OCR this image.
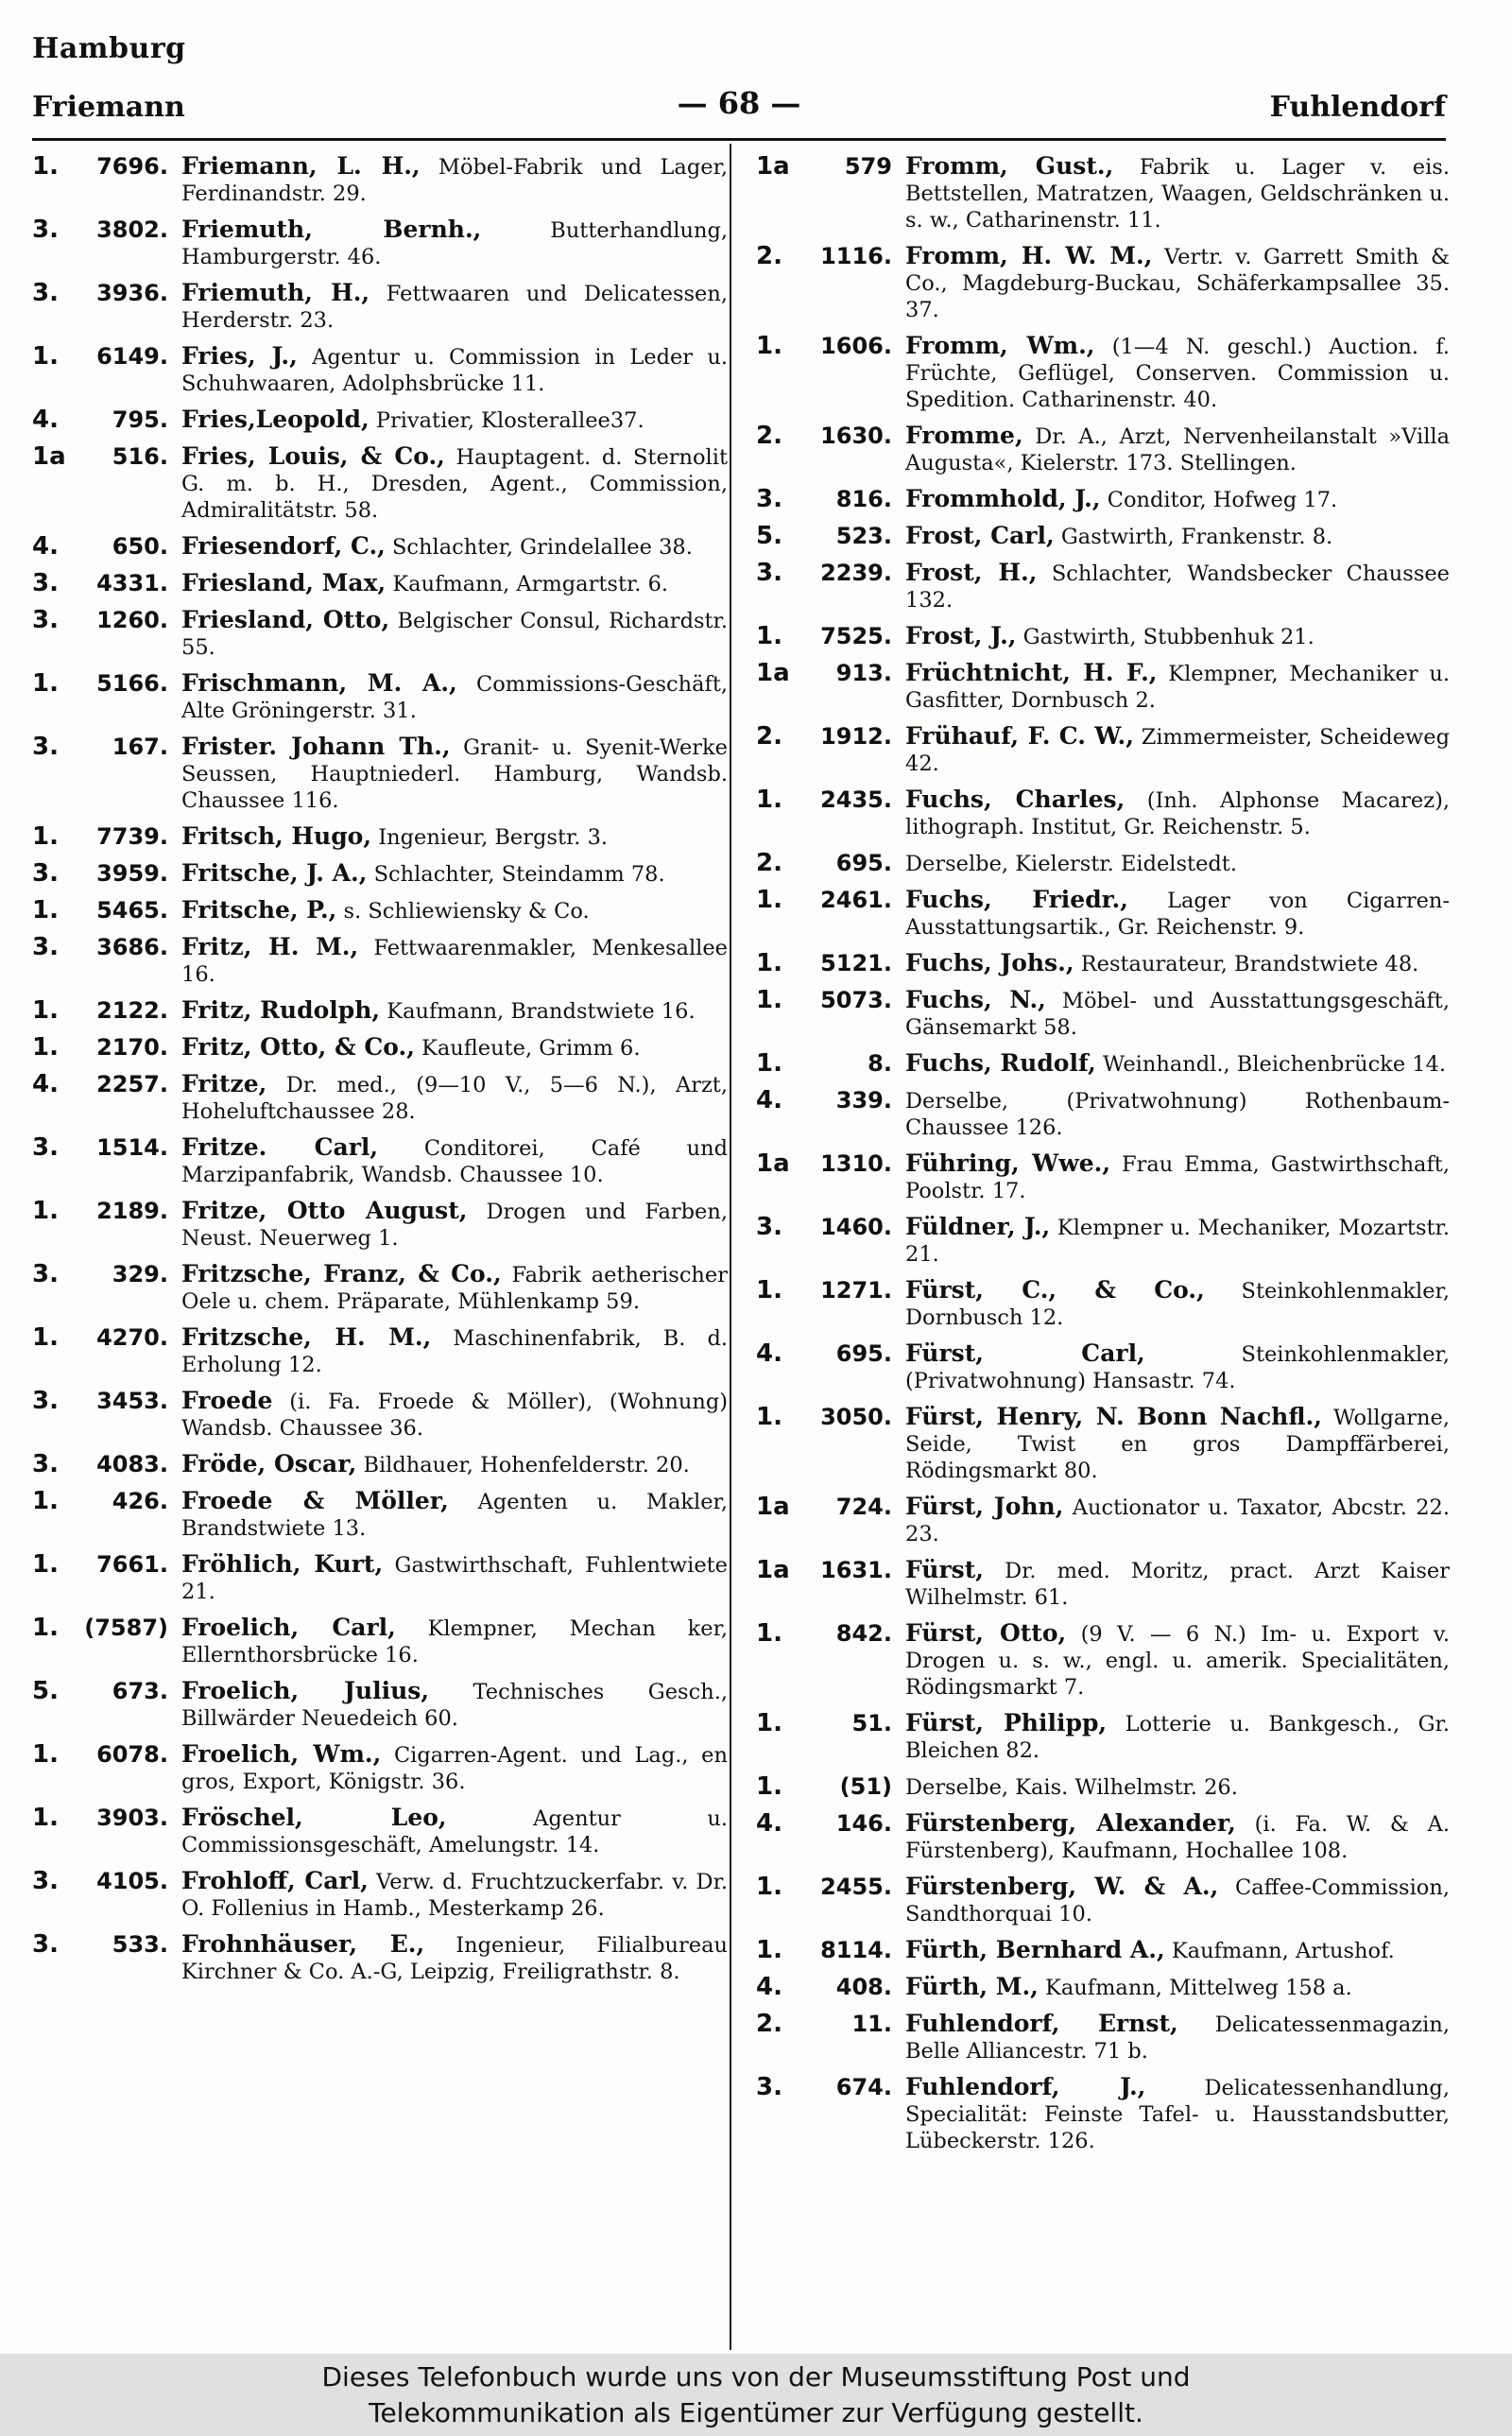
Hamburg
Friemann	— 68 —	Fuhlendorf
1.	7696. Friemann, L. H., Möbel-Fabrik und Lager, Ferdinandstr. 29.
3.	3802. Friemuth, Bernh.,	Butterhandlung, Hamburgerstr. 46.
3.	3936. Friemuth, H., Fettwaaren und Delicatessen, Herderstr. 23.
1.	6149. Fries, J., Agentur u. Commission in Leder u. Schuhwaaren, Adolphsbrücke 11.
4.	795. Fries,Leopold, Privatier, Klosterallee37.
1a	516. Fries, Louis, & Co., Hauptagent. d. Sternolit G. m. b. H., Dresden, Agent., Commission, Admiralitätstr. 58.
4.	650. Friesendorf, C., Schlachter, Grindelallee 38.
3.	4331. Friesland, Max, Kaufmann, Armgartstr. 6.
3.	1260. Friesland, Otto, Belgischer Consul, Richardstr. 55.
1.	5166. Frischmann, M. A., Commissions-Geschäft, Alte Gröningerstr. 31.
3.	167. Frister. Johann Th., Granit- u. Syenit-Werke Seussen, Hauptniederl. Hamburg, Wandsb. Chaussee 116.
1.	7739. Fritsch, Hugo, Ingenieur, Bergstr. 3.
3.	3959. Fritsche, J. A., Schlachter, Steindamm 78.
1.	5465. Fritsche, P., s. Schliewiensky & Co.
3.	3686. Fritz, H. M., Fettwaarenmakler, Menkesallee 16.
1.	2122. Fritz, Rudolph, Kaufmann, Brandstwiete 16.
1.	2170. Fritz, Otto, & Co., Kaufleute, Grimm 6.
4.	2257. Fritze, Dr. med., (9—10 V., 5—6 N.), Arzt, Hoheluftchaussee 28.
3.	1514. Fritze. Carl, Conditorei, Café und Marzipanfabrik, Wandsb. Chaussee 10.
1.	2189. Fritze, Otto August, Drogen und Farben, Neust. Neuerweg 1.
3.	329. Fritzsche, Franz, & Co., Fabrik aetherischer Oele u. chem. Präparate, Mühlenkamp 59.
1.	4270. Fritzsche, H. M., Maschinenfabrik, B. d. Erholung 12.
3.	3453. Froede (i. Fa. Froede & Möller), (Wohnung) Wandsb. Chaussee 36.
3.	4083. Fröde, Oscar, Bildhauer, Hohenfelderstr. 20.
1.	426. Froede & Möller, Agenten u. Makler, Brandstwiete 13.
1.	7661. Fröhlich, Kurt, Gastwirthschaft, Fuhlentwiete 21.
1.	(7587) Froelich, Carl, Klempner, Mechan ker, Ellernthorsbrücke 16.
5.	673. Froelich, Julius, Technisches Gesch., Billwärder Neuedeich 60.
1.	6078. Froelich, Wm., Cigarren-Agent. und Lag., en gros, Export, Königstr. 36.
1.	3903. Fröschel, Leo,	Agentur u. Commissionsgeschäft, Amelungstr. 14.
3.	4105. Frohloff, Carl, Verw. d. Fruchtzuckerfabr. v. Dr. O. Follenius in Hamb., Mesterkamp 26.
3.	533. Frohnhäuser, E., Ingenieur, Filialbureau Kirchner & Co. A.-G, Leipzig, Freiligrathstr. 8.
1a	579 Fromm, Gust., Fabrik u. Lager v. eis. Bettstellen, Matratzen, Waagen, Geldschränken u. s. w., Catharinenstr. 11.
2.	1116. Fromm, H. W. M., Vertr. v. Garrett Smith & Co., Magdeburg-Buckau, Schäferkampsallee 35. 37.
1.	1606. Fromm, Wm., (1—4 N. geschl.) Auction. f. Früchte, Geflügel, Conserven. Commission u. Spedition. Catharinenstr. 40.
2.	1630. Fromme, Dr. A., Arzt, Nervenheilanstalt »Villa Augusta«, Kielerstr. 173. Stellingen.
3.	816. Frommhold, J., Conditor, Hofweg 17.
5.	523. Frost, Carl, Gastwirth, Frankenstr. 8.
3.	2239. Frost, H., Schlachter, Wandsbecker Chaussee 132.
1.	7525. Frost, J., Gastwirth, Stubbenhuk 21.
1a	913. Früchtnicht, H. F., Klempner, Mechaniker u. Gasfitter, Dornbusch 2.
2.	1912. Frühauf, F. C. W., Zimmermeister, Scheideweg 42.
1.	2435. Fuchs, Charles, (Inh. Alphonse Macarez), lithograph. Institut, Gr. Reichenstr. 5.
2.	695. Derselbe, Kielerstr. Eidelstedt.
1.	2461. Fuchs, Friedr., Lager von Cigarren-Ausstattungsartik., Gr. Reichenstr. 9.
1.	5121. Fuchs, Johs., Restaurateur, Brandstwiete 48.
1.	5073. Fuchs, N., Möbel- und Ausstattungsgeschäft, Gänsemarkt 58.
1.	8. Fuchs, Rudolf, Weinhandl., Bleichenbrücke 14.
4.	339. Derselbe, (Privatwohnung) Rothenbaum-Chaussee 126.
1a	1310. Führing, Wwe., Frau Emma, Gastwirthschaft, Poolstr. 17.
3.	1460. Füldner, J., Klempner u. Mechaniker, Mozartstr. 21.
1.	1271. Fürst, C., & Co., Steinkohlenmakler, Dornbusch 12.
4.	695. Fürst, Carl,	Steinkohlenmakler, (Privatwohnung) Hansastr. 74.
1.	3050. Fürst, Henry, N. Bonn Nachfl., Wollgarne, Seide, Twist en gros Dampffärberei, Rödingsmarkt 80.
1a	724. Fürst, John, Auctionator u. Taxator, Abcstr. 22. 23.
1a	1631. Fürst, Dr. med. Moritz, pract. Arzt Kaiser Wilhelmstr. 61.
1.	842. Fürst, Otto, (9 V. — 6 N.) Im- u. Export v. Drogen u. s. w., engl. u. amerik. Specialitäten, Rödingsmarkt 7.
1.	51. Fürst, Philipp, Lotterie u. Bankgesch., Gr. Bleichen 82.
1.	(51) Derselbe, Kais. Wilhelmstr. 26.
4.	146. Fürstenberg, Alexander, (i. Fa. W. & A. Fürstenberg), Kaufmann, Hochallee 108.
1.	2455. Fürstenberg, W. & A., Caffee-Commission, Sandthorquai 10.
1.	8114. Fürth, Bernhard A., Kaufmann, Artushof.
4.	408. Fürth, M., Kaufmann, Mittelweg 158 a.
2.	11. Fuhlendorf, Ernst, Delicatessenmagazin, Belle Alliancestr. 71 b.
3.	674. Fuhlendorf, J.,	Delicatessenhandlung, Specialität: Feinste Tafel- u. Hausstandsbutter, Lübeckerstr. 126.
Dieses Telefonbuch wurde uns von der Museumsstiftung Post und
Telekommunikation als Eigentümer zur Verfügung gestellt.
